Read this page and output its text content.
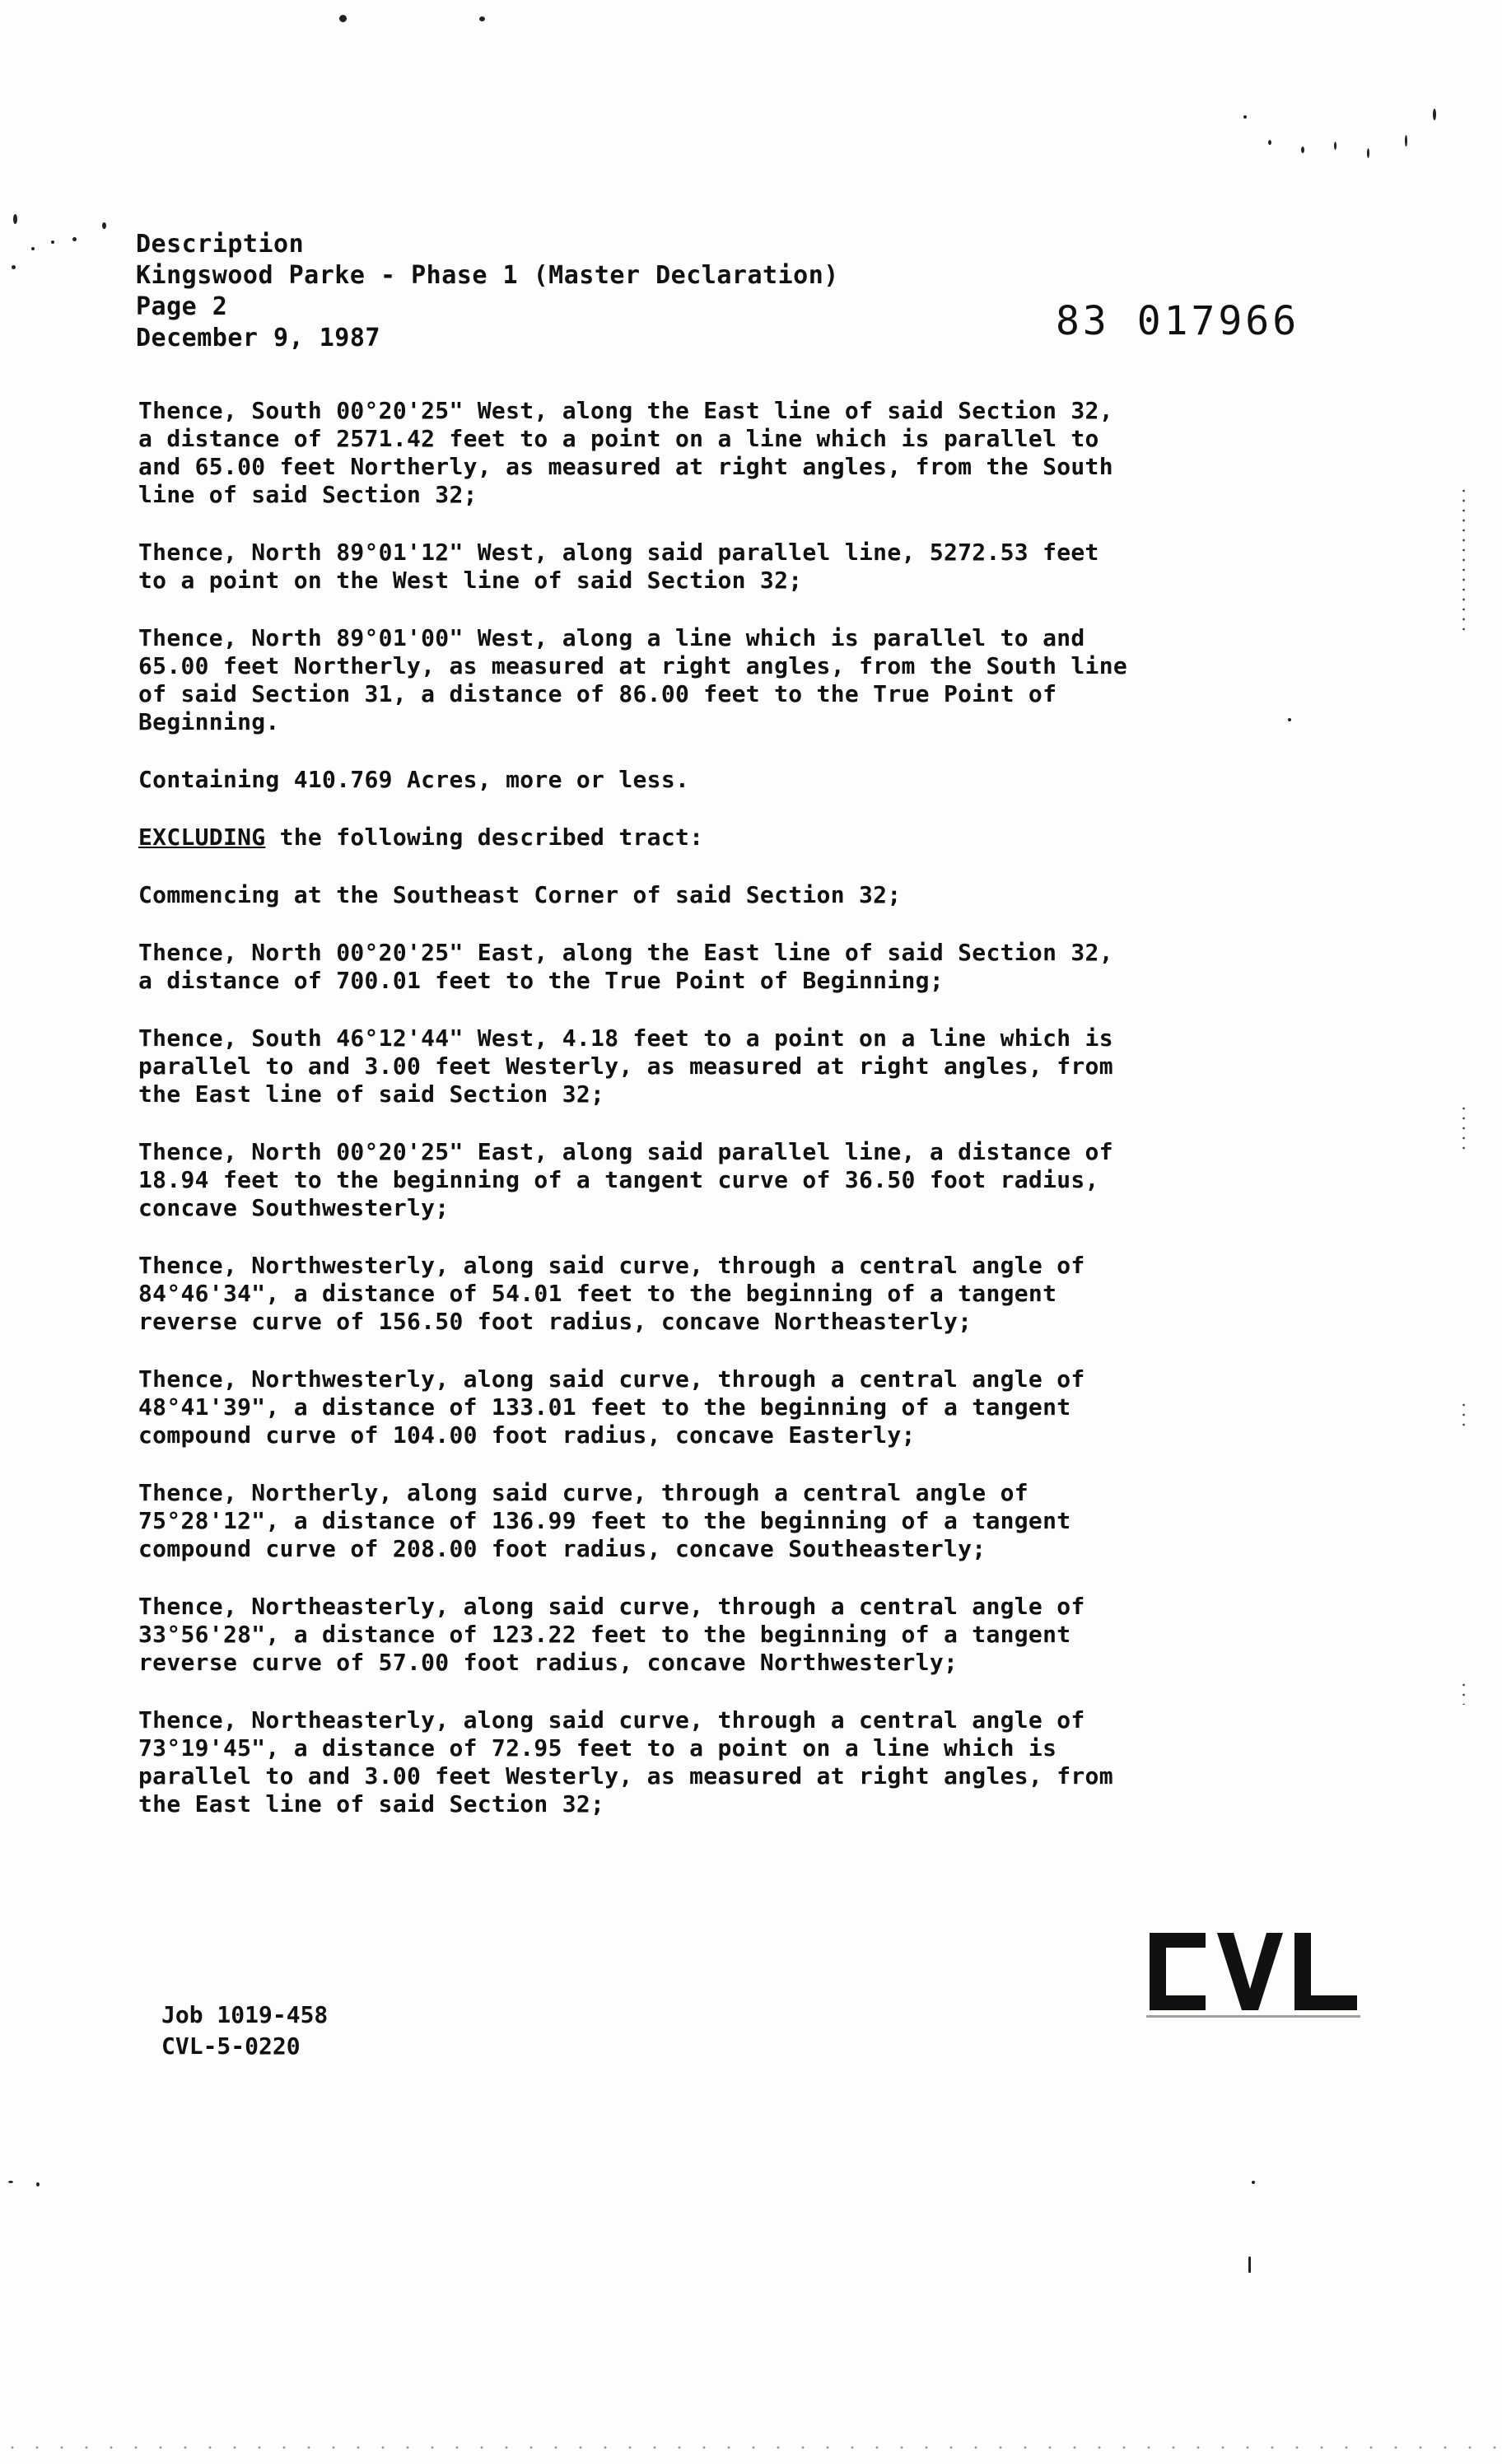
Description
Kingswood Parke - Phase 1 (Master Declaration)
Page 2
December 9, 1987	83 017966

Thence, South 00°20'25" West, along the East line of said Section 32,
a distance of 2571.42 feet to a point on a line which is parallel to
and 65.00 feet Northerly, as measured at right angles, from the South
line of said Section 32;

Thence, North 89°01'12" West, along said parallel line, 5272.53 feet
to a point on the West line of said Section 32;

Thence, North 89°01'00" West, along a line which is parallel to and
65.00 feet Northerly, as measured at right angles, from the South line
of said Section 31, a distance of 86.00 feet to the True Point of
Beginning.

Containing 410.769 Acres, more or less.

EXCLUDING the following described tract:

Commencing at the Southeast Corner of said Section 32;

Thence, North 00°20'25" East, along the East line of said Section 32,
a distance of 700.01 feet to the True Point of Beginning;

Thence, South 46°12'44" West, 4.18 feet to a point on a line which is
parallel to and 3.00 feet Westerly, as measured at right angles, from
the East line of said Section 32;

Thence, North 00°20'25" East, along said parallel line, a distance of
18.94 feet to the beginning of a tangent curve of 36.50 foot radius,
concave Southwesterly;

Thence, Northwesterly, along said curve, through a central angle of
84°46'34", a distance of 54.01 feet to the beginning of a tangent
reverse curve of 156.50 foot radius, concave Northeasterly;

Thence, Northwesterly, along said curve, through a central angle of
48°41'39", a distance of 133.01 feet to the beginning of a tangent
compound curve of 104.00 foot radius, concave Easterly;

Thence, Northerly, along said curve, through a central angle of
75°28'12", a distance of 136.99 feet to the beginning of a tangent
compound curve of 208.00 foot radius, concave Southeasterly;

Thence, Northeasterly, along said curve, through a central angle of
33°56'28", a distance of 123.22 feet to the beginning of a tangent
reverse curve of 57.00 foot radius, concave Northwesterly;

Thence, Northeasterly, along said curve, through a central angle of
73°19'45", a distance of 72.95 feet to a point on a line which is
parallel to and 3.00 feet Westerly, as measured at right angles, from
the East line of said Section 32;

Job 1019-458
CVL-5-0220
